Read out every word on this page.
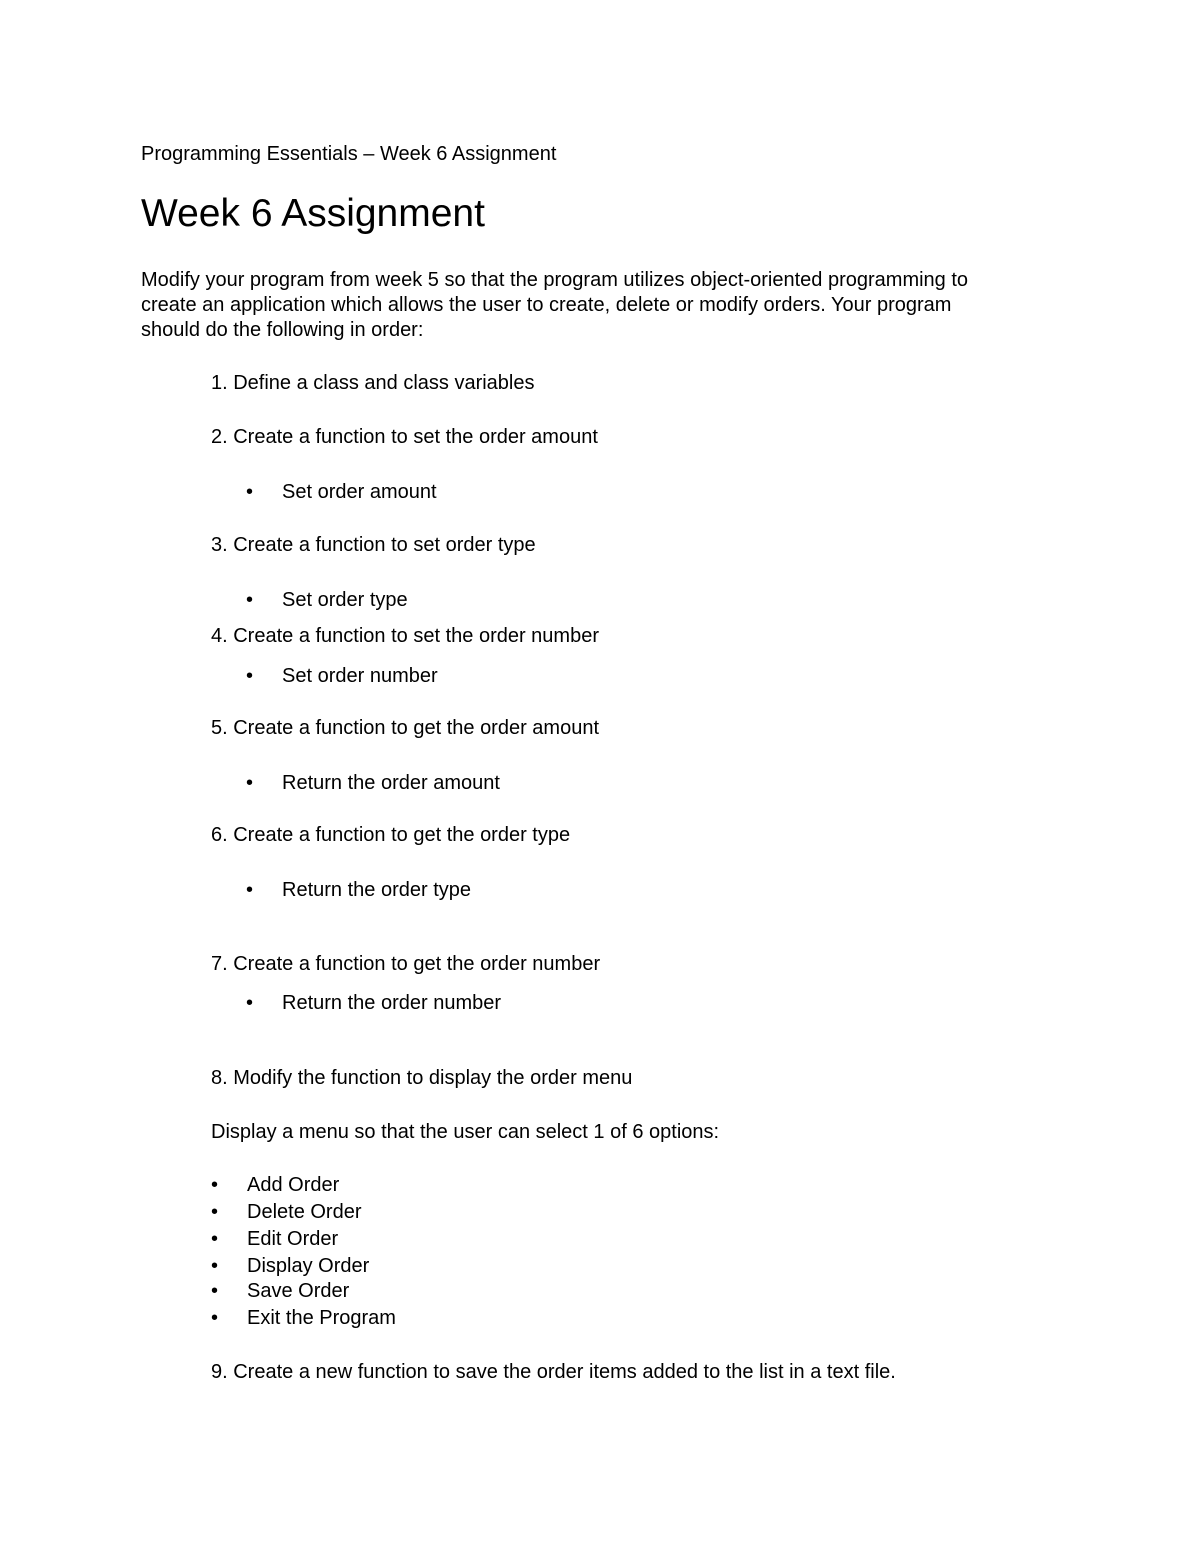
Programming Essentials – Week 6 Assignment
Week 6 Assignment
Modify your program from week 5 so that the program utilizes object-oriented programming to
create an application which allows the user to create, delete or modify orders. Your program
should do the following in order:
1. Define a class and class variables
2. Create a function to set the order amount
• Set order amount
3. Create a function to set order type
• Set order type
4. Create a function to set the order number
• Set order number
5. Create a function to get the order amount
• Return the order amount
6. Create a function to get the order type
• Return the order type
7. Create a function to get the order number
• Return the order number
8. Modify the function to display the order menu
Display a menu so that the user can select 1 of 6 options:
• Add Order
• Delete Order
• Edit Order
• Display Order
• Save Order
• Exit the Program
9. Create a new function to save the order items added to the list in a text file.
